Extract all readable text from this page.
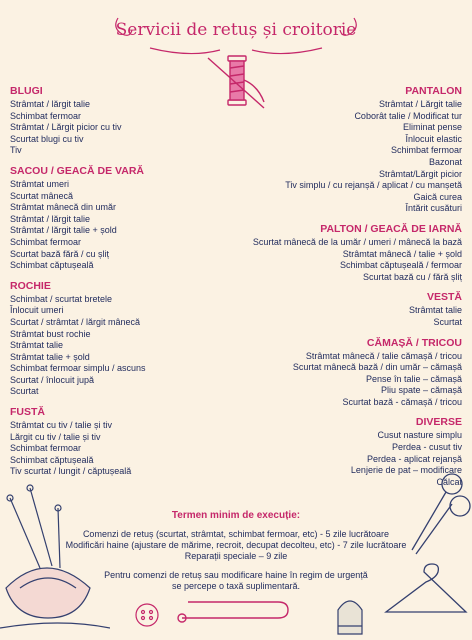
Servicii de retuș și croitorie
BLUGI
Strâmtat / lărgit talie
Schimbat fermoar
Strâmtat / Lărgit picior cu tiv
Scurtat blugi cu tiv
Tiv
SACOU / GEACĂ DE VARĂ
Strâmtat umeri
Scurtat mânecă
Strâmtat mânecă din umăr
Strâmtat / lărgit talie
Strâmtat / lărgit talie + șold
Schimbat fermoar
Scurtat bază fără / cu șliț
Schimbat căptușeală
ROCHIE
Schimbat / scurtat bretele
Înlocuit umeri
Scurtat / strâmtat / lărgit mânecă
Strâmtat bust rochie
Strâmtat talie
Strâmtat talie + șold
Schimbat fermoar simplu / ascuns
Scurtat / înlocuit jupă
Scurtat
FUSTĂ
Strâmtat cu tiv / talie și tiv
Lărgit cu tiv / talie și tiv
Schimbat fermoar
Schimbat căptușeală
Tiv scurtat / lungit / căptușeală
PANTALON
Strâmtat / Lărgit talie
Coborât talie / Modificat tur
Eliminat pense
Înlocuit elastic
Schimbat fermoar
Bazonat
Strâmtat/Lărgit picior
Tiv simplu / cu rejanșă / aplicat / cu manșetă
Gaică curea
Întărit cusături
PALTON / GEACĂ DE IARNĂ
Scurtat mânecă de la umăr / umeri / mânecă la bază
Strâmtat mânecă / talie + șold
Schimbat căptușeală / fermoar
Scurtat bază cu / fără șliț
VESTĂ
Strâmtat talie
Scurtat
CĂMAȘĂ / TRICOU
Strâmtat mânecă / talie cămașă / tricou
Scurtat mânecă bază / din umăr – cămașă
Pense în talie – cămașă
Pliu spate – cămașă
Scurtat bază - cămașă / tricou
DIVERSE
Cusut nasture simplu
Perdea - cusut tiv
Perdea - aplicat rejanșă
Lenjerie de pat – modificare
Călcat
Termen minim de execuție:
Comenzi de retuș (scurtat, strâmtat, schimbat fermoar, etc) - 5 zile lucrătoare
Modificări haine (ajustare de mărime, recroit, decupat decolteu, etc) - 7 zile lucrătoare
Reparații speciale – 9 zile
Pentru comenzi de retuș sau modificare haine în regim de urgență
se percepe o taxă suplimentară.
